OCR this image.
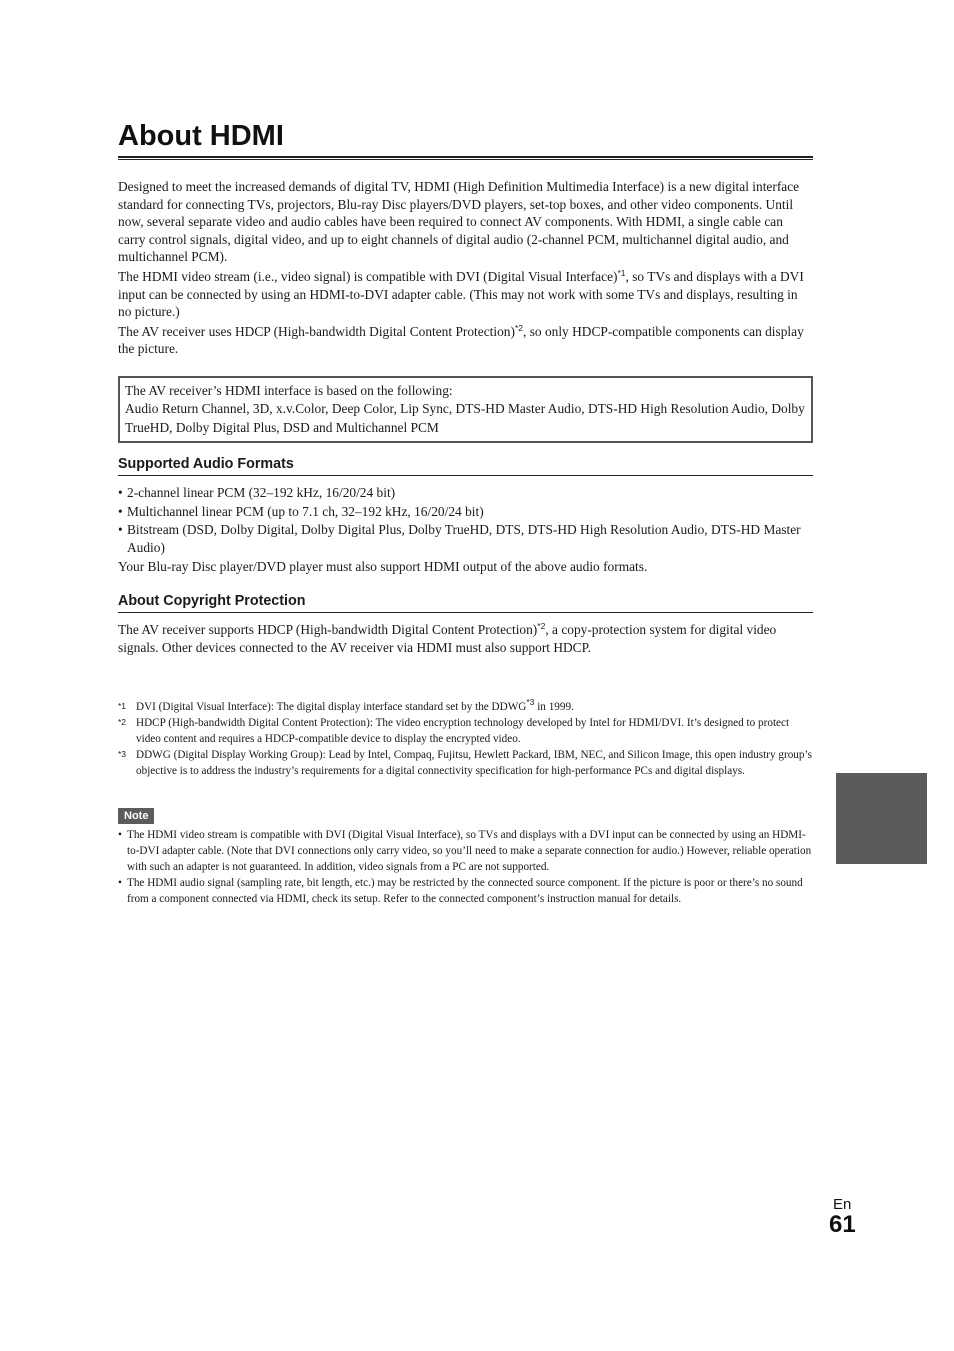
About HDMI

Designed to meet the increased demands of digital TV, HDMI (High Definition Multimedia Interface) is a new digital interface standard for connecting TVs, projectors, Blu-ray Disc players/DVD players, set-top boxes, and other video components. Until now, several separate video and audio cables have been required to connect AV components. With HDMI, a single cable can carry control signals, digital video, and up to eight channels of digital audio (2-channel PCM, multichannel digital audio, and multichannel PCM).

The HDMI video stream (i.e., video signal) is compatible with DVI (Digital Visual Interface)$^{*1}$, so TVs and displays with a DVI input can be connected by using an HDMI-to-DVI adapter cable. (This may not work with some TVs and displays, resulting in no picture.)

The AV receiver uses HDCP (High-bandwidth Digital Content Protection)$^{*2}$, so only HDCP-compatible components can display the picture.

The AV receiver’s HDMI interface is based on the following:
Audio Return Channel, 3D, x.v.Color, Deep Color, Lip Sync, DTS-HD Master Audio, DTS-HD High Resolution Audio, Dolby TrueHD, Dolby Digital Plus, DSD and Multichannel PCM
Supported Audio Formats
• 2-channel linear PCM (32–192 kHz, 16/20/24 bit)
• Multichannel linear PCM (up to 7.1 ch, 32–192 kHz, 16/20/24 bit)
• Bitstream (DSD, Dolby Digital, Dolby Digital Plus, Dolby TrueHD, DTS, DTS-HD High Resolution Audio, DTS-HD Master Audio)

Your Blu-ray Disc player/DVD player must also support HDMI output of the above audio formats.

About Copyright Protection

The AV receiver supports HDCP (High-bandwidth Digital Content Protection)$^{*2}$, a copy-protection system for digital video signals. Other devices connected to the AV receiver via HDMI must also support HDCP.

*1 DVI (Digital Visual Interface): The digital display interface standard set by the DDWG$^{*3}$ in 1999.
*2 HDCP (High-bandwidth Digital Content Protection): The video encryption technology developed by Intel for HDMI/DVI. It’s designed to protect video content and requires a HDCP-compatible device to display the encrypted video.
*3 DDWG (Digital Display Working Group): Lead by Intel, Compaq, Fujitsu, Hewlett Packard, IBM, NEC, and Silicon Image, this open industry group’s objective is to address the industry’s requirements for a digital connectivity specification for high-performance PCs and digital displays.
Note
• The HDMI video stream is compatible with DVI (Digital Visual Interface), so TVs and displays with a DVI input can be connected by using an HDMI-to-DVI adapter cable. (Note that DVI connections only carry video, so you’ll need to make a separate connection for audio.) However, reliable operation with such an adapter is not guaranteed. In addition, video signals from a PC are not supported.
• The HDMI audio signal (sampling rate, bit length, etc.) may be restricted by the connected source component. If the picture is poor or there’s no sound from a component connected via HDMI, check its setup. Refer to the connected component’s instruction manual for details.
En
61
